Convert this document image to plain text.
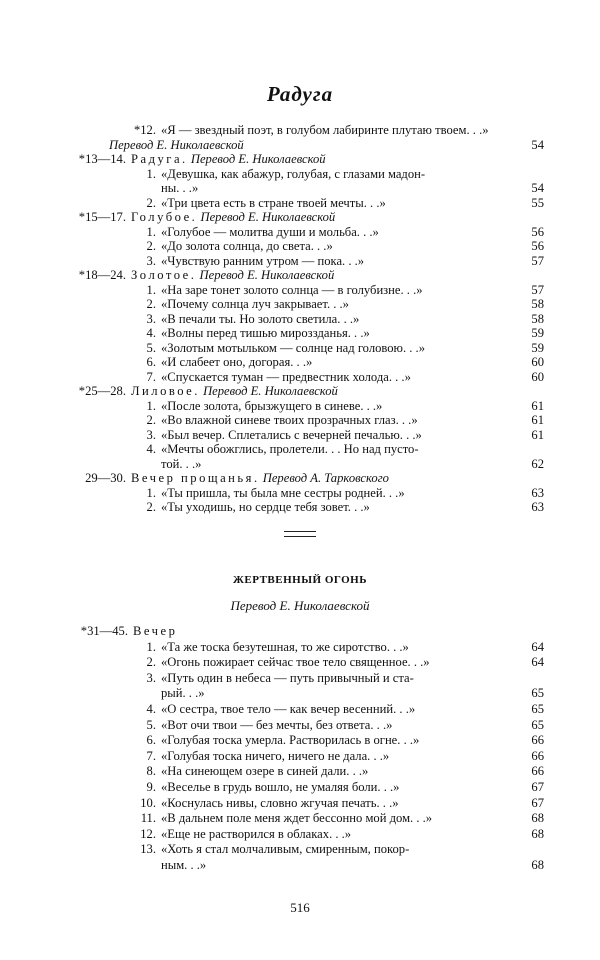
Радуга
*12. «Я — звездный поэт, в голубом лабиринте плутаю твоем. . .»
Перевод Е. Николаевской	54
*13—14. Радуга. Перевод Е. Николаевской
1. «Девушка, как абажур, голубая, с глазами мадон-
ны. . .»	54
2. «Три цвета есть в стране твоей мечты. . .»	55
*15—17. Голубое. Перевод Е. Николаевской
1. «Голубое — молитва души и мольба. . .»	56
2. «До золота солнца, до света. . .»	56
3. «Чувствую ранним утром — пока. . .»	57
*18—24. Золотое. Перевод Е. Николаевской
1. «На заре тонет золото солнца — в голубизне. . .»	57
2. «Почему солнца луч закрывает. . .»	58
3. «В печали ты. Но золото светила. . .»	58
4. «Волны перед тишью мироззданья. . .»	59
5. «Золотым мотыльком — солнце над головою. . .»	59
6. «И слабеет оно, догорая. . .»	60
7. «Спускается туман — предвестник холода. . .»	60
*25—28. Лиловое. Перевод Е. Николаевской
1. «После золота, брызжущего в синеве. . .»	61
2. «Во влажной синеве твоих прозрачных глаз. . .»	61
3. «Был вечер. Сплетались с вечерней печалью. . .»	61
4. «Мечты обожглись, пролетели. . . Но над пусто-
той. . .»	62
29—30. Вечер прощанья. Перевод А. Тарковского
1. «Ты пришла, ты была мне сестры родней. . .»	63
2. «Ты уходишь, но сердце тебя зовет. . .»	63
ЖЕРТВЕННЫЙ ОГОНЬ
Перевод Е. Николаевской
*31—45. Вечер
1. «Та же тоска безутешная, то же сиротство. . .»	64
2. «Огонь пожирает сейчас твое тело священное. . .»	64
3. «Путь один в небеса — путь привычный и ста-
рый. . .»	65
4. «О сестра, твое тело — как вечер весенний. . .»	65
5. «Вот очи твои — без мечты, без ответа. . .»	65
6. «Голубая тоска умерла. Растворилась в огне. . .»	66
7. «Голубая тоска ничего, ничего не дала. . .»	66
8. «На синеющем озере в синей дали. . .»	66
9. «Веселье в грудь вошло, не умаляя боли. . .»	67
10. «Коснулась нивы, словно жгучая печать. . .»	67
11. «В дальнем поле меня ждет бессонно мой дом. . .»	68
12. «Еще не растворился в облаках. . .»	68
13. «Хоть я стал молчаливым, смиренным, покор-
ным. . .»	68
516
